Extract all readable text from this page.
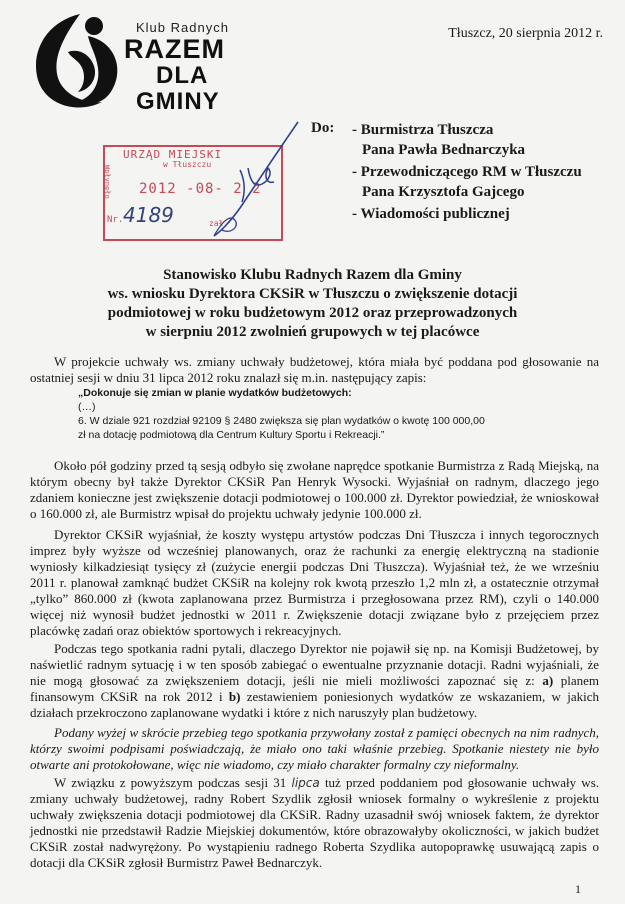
Klub Radnych
RAZEM
DLA
GMINY
Tłuszcz, 20 sierpnia 2012 r.
URZĄD MIEJSKI
w Tłuszczu
Wpłynęło 2012 -08- 2 2
Nr. 4189	zał.
Do: - Burmistrza Tłuszcza
Pana Pawła Bednarczyka
- Przewodniczącego RM w Tłuszczu
Pana Krzysztofa Gajcego
- Wiadomości publicznej
Stanowisko Klubu Radnych Razem dla Gminy
ws. wniosku Dyrektora CKSiR w Tłuszczu o zwiększenie dotacji
podmiotowej w roku budżetowym 2012 oraz przeprowadzonych
w sierpniu 2012 zwolnień grupowych w tej placówce
W projekcie uchwały ws. zmiany uchwały budżetowej, która miała być poddana pod głosowanie na ostatniej sesji w dniu 31 lipca 2012 roku znalazł się m.in. następujący zapis:
„Dokonuje się zmian w planie wydatków budżetowych:
(…)
6. W dziale 921 rozdział 92109 § 2480 zwiększa się plan wydatków o kwotę 100 000,00
zł na dotację podmiotową dla Centrum Kultury Sportu i Rekreacji.”
Około pół godziny przed tą sesją odbyło się zwołane naprędce spotkanie Burmistrza z Radą Miejską, na którym obecny był także Dyrektor CKSiR Pan Henryk Wysocki. Wyjaśniał on radnym, dlaczego jego zdaniem konieczne jest zwiększenie dotacji podmiotowej o 100.000 zł. Dyrektor powiedział, że wnioskował o 160.000 zł, ale Burmistrz wpisał do projektu uchwały jedynie 100.000 zł.
Dyrektor CKSiR wyjaśniał, że koszty występu artystów podczas Dni Tłuszcza i innych tegorocznych imprez były wyższe od wcześniej planowanych, oraz że rachunki za energię elektryczną na stadionie wyniosły kilkadziesiąt tysięcy zł (zużycie energii podczas Dni Tłuszcza). Wyjaśniał też, że we wrześniu 2011 r. planował zamknąć budżet CKSiR na kolejny rok kwotą przeszło 1,2 mln zł, a ostatecznie otrzymał „tylko” 860.000 zł (kwota zaplanowana przez Burmistrza i przegłosowana przez RM), czyli o 140.000 więcej niż wynosił budżet jednostki w 2011 r. Zwiększenie dotacji związane było z przejęciem przez placówkę zadań oraz obiektów sportowych i rekreacyjnych.
Podczas tego spotkania radni pytali, dlaczego Dyrektor nie pojawił się np. na Komisji Budżetowej, by naświetlić radnym sytuację i w ten sposób zabiegać o ewentualne przyznanie dotacji. Radni wyjaśniali, że nie mogą głosować za zwiększeniem dotacji, jeśli nie mieli możliwości zapoznać się z: a) planem finansowym CKSiR na rok 2012 i b) zestawieniem poniesionych wydatków ze wskazaniem, w jakich działach przekroczono zaplanowane wydatki i które z nich naruszyły plan budżetowy.
Podany wyżej w skrócie przebieg tego spotkania przywołany został z pamięci obecnych na nim radnych, którzy swoimi podpisami poświadczają, że miało ono taki właśnie przebieg. Spotkanie niestety nie było otwarte ani protokołowane, więc nie wiadomo, czy miało charakter formalny czy nieformalny.
W związku z powyższym podczas sesji 31 lipca tuż przed poddaniem pod głosowanie uchwały ws. zmiany uchwały budżetowej, radny Robert Szydlik zgłosił wniosek formalny o wykreślenie z projektu uchwały zwiększenia dotacji podmiotowej dla CKSiR. Radny uzasadnił swój wniosek faktem, że dyrektor jednostki nie przedstawił Radzie Miejskiej dokumentów, które obrazowałyby okoliczności, w jakich budżet CKSiR został nadwyrężony. Po wystąpieniu radnego Roberta Szydlika autopoprawkę usuwającą zapis o dotacji dla CKSiR zgłosił Burmistrz Paweł Bednarczyk.
1
